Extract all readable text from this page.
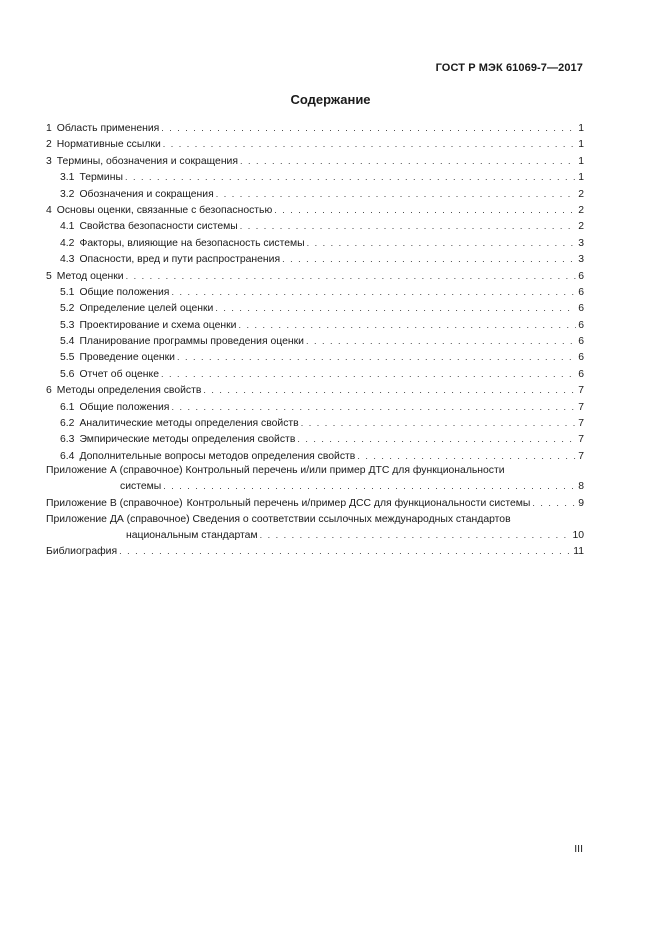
ГОСТ Р МЭК 61069-7—2017
Содержание
1 Область применения . . .	1
2 Нормативные ссылки . . .	1
3 Термины, обозначения и сокращения . . .	1
3.1 Термины . . .	1
3.2 Обозначения и сокращения . . .	2
4 Основы оценки, связанные с безопасностью . . .	2
4.1 Свойства безопасности системы . . .	2
4.2 Факторы, влияющие на безопасность системы . . .	3
4.3 Опасности, вред и пути распространения . . .	3
5 Метод оценки . . .	6
5.1 Общие положения . . .	6
5.2 Определение целей оценки . . .	6
5.3 Проектирование и схема оценки . . .	6
5.4 Планирование программы проведения оценки . . .	6
5.5 Проведение оценки . . .	6
5.6 Отчет об оценке . . .	6
6 Методы определения свойств . . .	7
6.1 Общие положения . . .	7
6.2 Аналитические методы определения свойств . . .	7
6.3 Эмпирические методы определения свойств . . .	7
6.4 Дополнительные вопросы методов определения свойств . . .	7
Приложение А (справочное) Контрольный перечень и/или пример ДТС для функциональности
системы . . .	8
Приложение В (справочное) Контрольный перечень и/пример ДСС для функциональности системы . . .	9
Приложение ДА (справочное) Сведения о соответствии ссылочных международных стандартов
национальным стандартам . . .	10
Библиография . . .	11
III
